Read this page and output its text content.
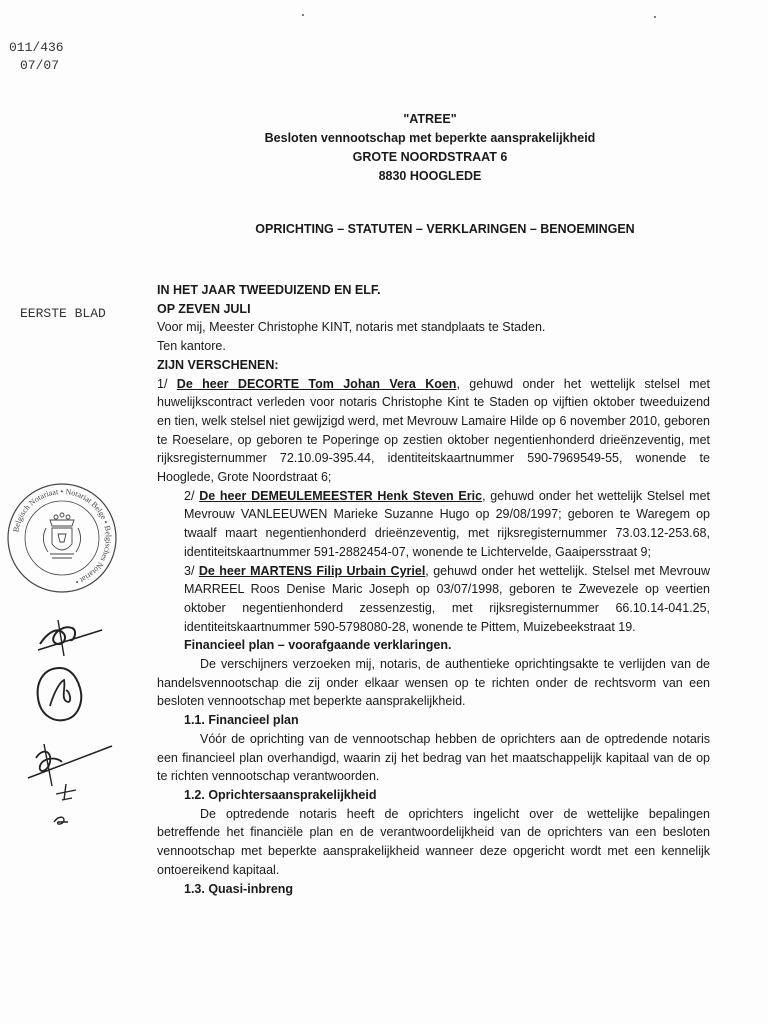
011/436
07/07
EERSTE BLAD
"ATREE"
Besloten vennootschap met beperkte aansprakelijkheid
GROTE NOORDSTRAAT 6
8830 HOOGLEDE
OPRICHTING – STATUTEN – VERKLARINGEN – BENOEMINGEN

IN HET JAAR TWEEDUIZEND EN ELF.

OP ZEVEN JULI

Voor mij, Meester Christophe KINT, notaris met standplaats te Staden.

Ten kantore.

ZIJN VERSCHENEN:

1/ De heer DECORTE Tom Johan Vera Koen, gehuwd onder het wettelijk stelsel met huwelijkscontract verleden voor notaris Christophe Kint te Staden op vijftien oktober tweeduizend en tien, welk stelsel niet gewijzigd werd, met Mevrouw Lamaire Hilde op 6 november 2010, geboren te Roeselare, op geboren te Poperinge op zestien oktober negentienhonderd drieënzeventig, met rijksregisternummer 72.10.09-395.44, identiteitskaartnummer 590-7969549-55, wonende te Hooglede, Grote Noordstraat 6;

2/ De heer DEMEULEMEESTER Henk Steven Eric, gehuwd onder het wettelijk Stelsel met Mevrouw VANLEEUWEN Marieke Suzanne Hugo op 29/08/1997; geboren te Waregem op twaalf maart negentienhonderd drieënzeventig, met rijksregisternummer 73.03.12-253.68, identiteitskaartnummer 591-2882454-07, wonende te Lichtervelde, Gaaipersstraat 9;

3/ De heer MARTENS Filip Urbain Cyriel, gehuwd onder het wettelijk. Stelsel met Mevrouw MARREEL Roos Denise Maric Joseph op 03/07/1998, geboren te Zwevezele op veertien oktober negentienhonderd zessenzestig, met rijksregisternummer 66.10.14-041.25, identiteitskaartnummer 590-5798080-28, wonende te Pittem, Muizebeekstraat 19.

Financieel plan – voorafgaande verklaringen.

De verschijners verzoeken mij, notaris, de authentieke oprichtingsakte te verlijden van de handelsvennootschap die zij onder elkaar wensen op te richten onder de rechtsvorm van een besloten vennootschap met beperkte aansprakelijkheid.

1.1. Financieel plan

Vóór de oprichting van de vennootschap hebben de oprichters aan de optredende notaris een financieel plan overhandigd, waarin zij het bedrag van het maatschappelijk kapitaal van de op te richten vennootschap verantwoorden.

1.2. Oprichtersaansprakelijkheid

De optredende notaris heeft de oprichters ingelicht over de wettelijke bepalingen betreffende het financiële plan en de verantwoordelijkheid van de oprichters van een besloten vennootschap met beperkte aansprakelijkheid wanneer deze opgericht wordt met een kennelijk ontoereikend kapitaal.

1.3. Quasi-inbreng

Belgisch Notariaat • Notariat Belge • Belgisches Notariat •
